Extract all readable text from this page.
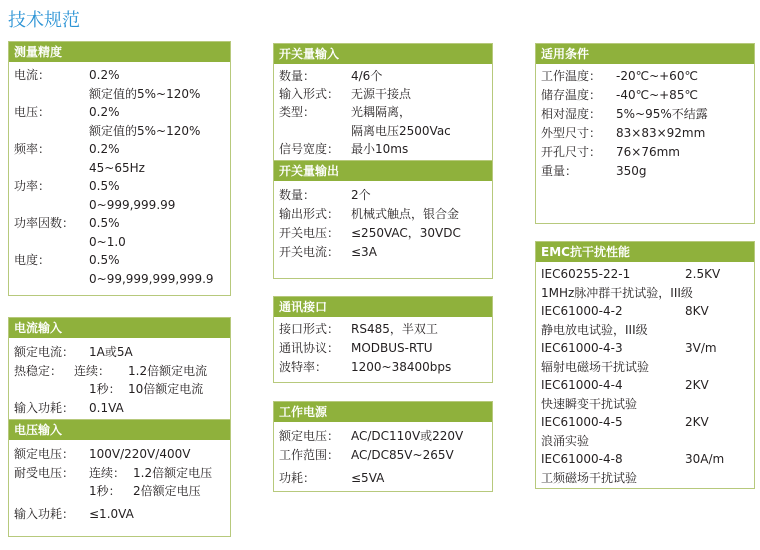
技术规范
测量精度
电流：	0.2%
额定值的5%~120%
电压：	0.2%
额定值的5%~120%
频率：	0.2%
45~65Hz
功率：	0.5%
0~999,999.99
功率因数：	0.5%
0~1.0
电度：	0.5%
0~99,999,999,999.9
电流输入
额定电流：	1A或5A
热稳定： 连续：	1.2倍额定电流
1秒： 10倍额定电流
输入功耗：	0.1VA
电压输入
额定电压：	100V/220V/400V
耐受电压：	连续： 1.2倍额定电压
1秒：	2倍额定电压
输入功耗：	≤1.0VA
开关量输入
数量：	4/6个
输入形式： 无源干接点
类型：	光耦隔离，
隔离电压2500Vac
信号宽度： 最小10ms
开关量输出
数量：	2个
输出形式： 机械式触点，银合金
开关电压： ≤250VAC，30VDC
开关电流： ≤3A
通讯接口
接口形式： RS485，半双工
通讯协议： MODBUS-RTU
波特率：	1200~38400bps
工作电源
额定电压： AC/DC110V或220V
工作范围： AC/DC85V~265V
功耗：	≤5VA
适用条件
工作温度：	-20℃~+60℃
储存温度：	-40℃~+85℃
相对湿度：	5%~95%不结露
外型尺寸：	83×83×92mm
开孔尺寸：	76×76mm
重量：	350g
EMC抗干扰性能
IEC60255-22-1	2.5KV
1MHz脉冲群干扰试验，III级
IEC61000-4-2	8KV
静电放电试验，III级
IEC61000-4-3	3V/m
辐射电磁场干扰试验
IEC61000-4-4	2KV
快速瞬变干扰试验
IEC61000-4-5	2KV
浪涌实验
IEC61000-4-8	30A/m
工频磁场干扰试验
